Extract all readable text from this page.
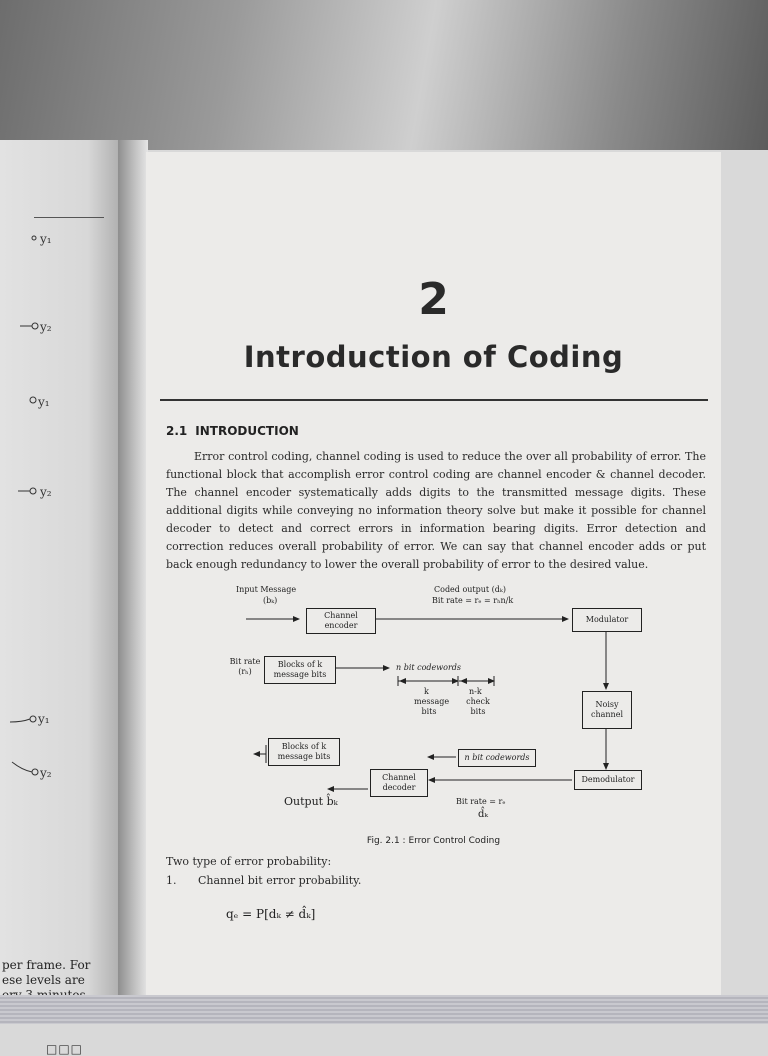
y₁
y₂
y₁
y₂
y₁
y₂
per frame. For
ese levels are
□□□
2
Introduction of Coding
2.1 INTRODUCTION
Error control coding, channel coding is used to reduce the over all probability of error. The functional block that accomplish error control coding are channel encoder & channel decoder. The channel encoder systematically adds digits to the transmitted message digits. These additional digits while conveying no information theory solve but make it possible for channel decoder to detect and correct errors in information bearing digits. Error detection and correction reduces overall probability of error. We can say that channel encoder adds or put back enough redundancy to lower the overall probability of error to the desired value.
Input Message
(bₖ)
Channel encoder
Coded output (dₖ)
Bit rate = rₑ = rₕn/k
Modulator
Bit rate (rₕ)
Blocks of k message bits
n bit codewords
k
message bits
n-k
check bits
Noisy channel
Blocks of k message bits	n bit codewords
Channel decoder
Demodulator
Output b̂ₖ	Bit rate = rₑ
d̂ₖ
Fig. 2.1 : Error Control Coding
Two type of error probability:
1. Channel bit error probability.
qₑ = P[dₖ ≠ d̂ₖ]
